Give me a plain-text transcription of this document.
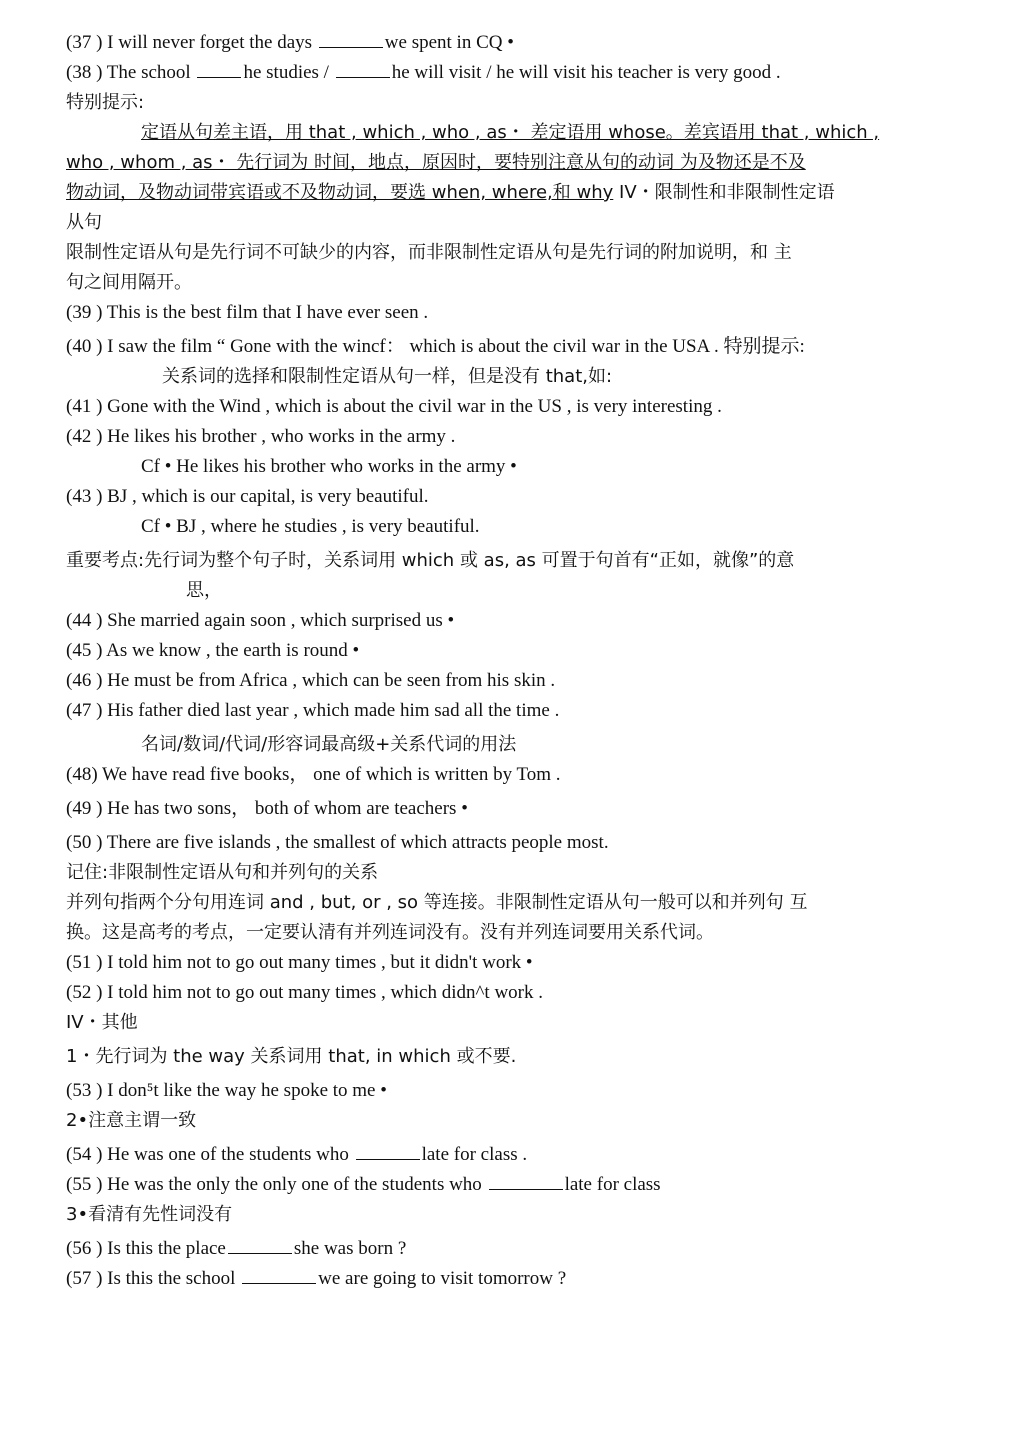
(37 ) I will never forget the days	we spent in CQ •
(38 ) The school	he studies /	he will visit / he will visit his teacher is very good .
特别提示:
定语从句差主语，用 that , which , who , as・ 差定语用 whose。差宾语用 that , which ,
who , whom , as・ 先行词为 时间，地点，原因时，要特别注意从句的动词 为及物还是不及
物动词，及物动词带宾语或不及物动词，要选 when, where,和 why IV・限制性和非限制性定语
从句
限制性定语从句是先行词不可缺少的内容，而非限制性定语从句是先行词的附加说明，和 主
句之间用隔开。
(39 ) This is the best film that I have ever seen .
(40 ) I saw the film “ Gone with the wincf： which is about the civil war in the USA . 特别提示:
关系词的选择和限制性定语从句一样，但是没有 that,如:
(41 ) Gone with the Wind , which is about the civil war in the US , is very interesting .
(42 ) He likes his brother , who works in the army .
Cf • He likes his brother who works in the army •
(43 ) BJ , which is our capital, is very beautiful.
Cf • BJ , where he studies , is very beautiful.
重要考点:先行词为整个句子时，关系词用 which 或 as, as 可置于句首有“正如，就像”的意
思，
(44 ) She married again soon , which surprised us •
(45 ) As we know , the earth is round •
(46 ) He must be from Africa , which can be seen from his skin .
(47 ) His father died last year , which made him sad all the time .
名词/数词/代词/形容词最高级+关系代词的用法
(48) We have read five books， one of which is written by Tom .
(49 ) He has two sons， both of whom are teachers •
(50 ) There are five islands , the smallest of which attracts people most.
记住:非限制性定语从句和并列句的关系
并列句指两个分句用连词 and , but, or , so 等连接。非限制性定语从句一般可以和并列句 互
换。这是高考的考点，一定要认清有并列连词没有。没有并列连词要用关系代词。
(51 ) I told him not to go out many times , but it didn't work •
(52 ) I told him not to go out many times , which didn^t work .
IV・其他
1・先行词为 the way 关系词用 that, in which 或不要.
(53 ) I don⁵t like the way he spoke to me •
2•注意主谓一致
(54 ) He was one of the students who	late for class .
(55 ) He was the only the only one of the students who	late for class
3•看清有先性词没有
(56 ) Is this the place	she was born ?
(57 ) Is this the school	we are going to visit tomorrow ?
